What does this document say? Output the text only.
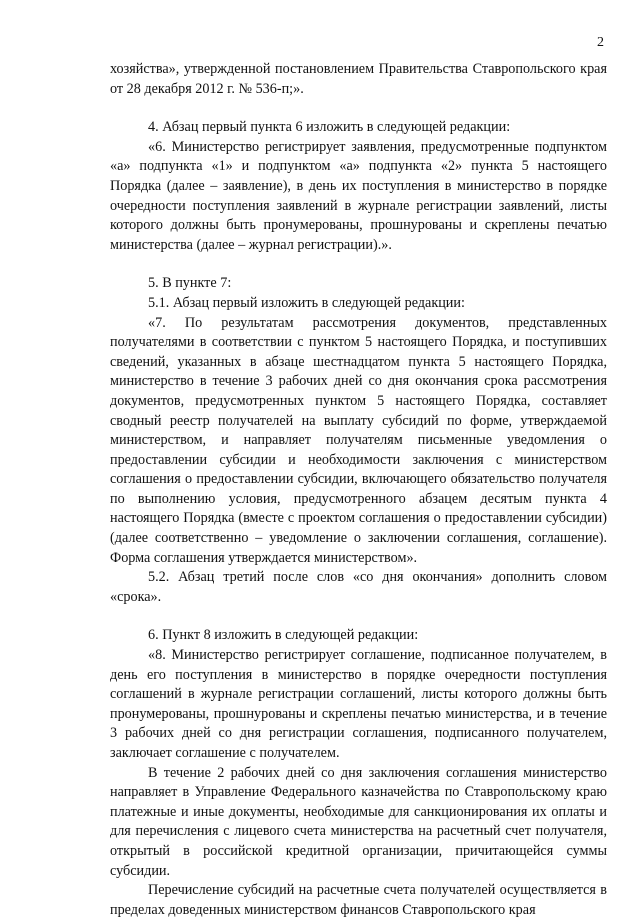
2

хозяйства», утвержденной постановлением Правительства Ставропольского края от 28 декабря 2012 г. № 536-п;».

4. Абзац первый пункта 6 изложить в следующей редакции:

«6. Министерство регистрирует заявления, предусмотренные подпунктом «а» подпункта «1» и подпунктом «а» подпункта «2» пункта 5 настоящего Порядка (далее – заявление), в день их поступления в министерство в порядке очередности поступления заявлений в журнале регистрации заявлений, листы которого должны быть пронумерованы, прошнурованы и скреплены печатью министерства (далее – журнал регистрации).».

5. В пункте 7:

5.1. Абзац первый изложить в следующей редакции:

«7. По результатам рассмотрения документов, представленных получателями в соответствии с пунктом 5 настоящего Порядка, и поступивших сведений, указанных в абзаце шестнадцатом пункта 5 настоящего Порядка, министерство в течение 3 рабочих дней со дня окончания срока рассмотрения документов, предусмотренных пунктом 5 настоящего Порядка, составляет сводный реестр получателей на выплату субсидий по форме, утверждаемой министерством, и направляет получателям письменные уведомления о предоставлении субсидии и необходимости заключения с министерством соглашения о предоставлении субсидии, включающего обязательство получателя по выполнению условия, предусмотренного абзацем десятым пункта 4 настоящего Порядка (вместе с проектом соглашения о предоставлении субсидии) (далее соответственно – уведомление о заключении соглашения, соглашение). Форма соглашения утверждается министерством».

5.2. Абзац третий после слов «со дня окончания» дополнить словом «срока».

6. Пункт 8 изложить в следующей редакции:

«8. Министерство регистрирует соглашение, подписанное получателем, в день его поступления в министерство в порядке очередности поступления соглашений в журнале регистрации соглашений, листы которого должны быть пронумерованы, прошнурованы и скреплены печатью министерства, и в течение 3 рабочих дней со дня регистрации соглашения, подписанного получателем, заключает соглашение с получателем.

В течение 2 рабочих дней со дня заключения соглашения министерство направляет в Управление Федерального казначейства по Ставропольскому краю платежные и иные документы, необходимые для санкционирования их оплаты и для перечисления с лицевого счета министерства на расчетный счет получателя, открытый в российской кредитной организации, причитающейся суммы субсидии.

Перечисление субсидий на расчетные счета получателей осуществляется в пределах доведенных министерством финансов Ставропольского края
